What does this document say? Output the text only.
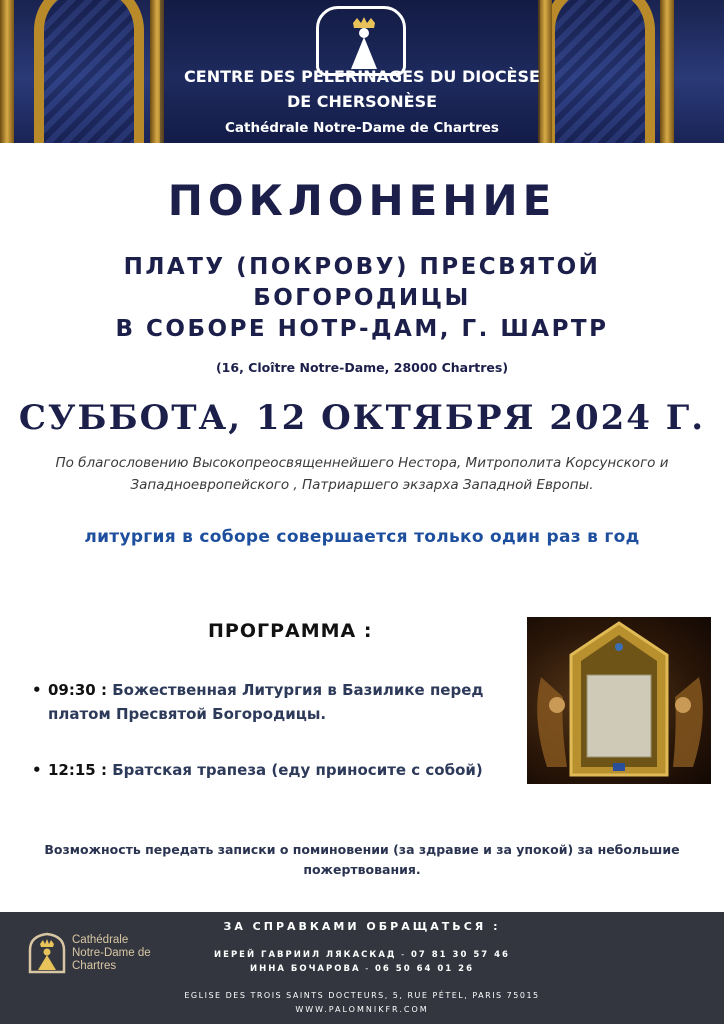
CENTRE DES PÈLERINAGES DU DIOCÈSE
DE CHERSONÈSE
Cathédrale Notre-Dame de Chartres
ПОКЛОНЕНИЕ
ПЛАТУ (ПОКРОВУ) ПРЕСВЯТОЙ
БОГОРОДИЦЫ
В СОБОРЕ НОТР-ДАМ, Г. ШАРТР
(16, Cloître Notre-Dame, 28000 Chartres)
СУББОТА, 12 ОКТЯБРЯ 2024 Г.
По благословению Высокопреосвященнейшего Нестора, Митрополита Корсунского и
Западноевропейского , Патриаршего экзарха Западной Европы.
литургия в соборе совершается только один раз в год
ПРОГРАММА :
• 09:30 : Божественная Литургия в Базилике перед платом Пресвятой Богородицы.
• 12:15 : Братская трапеза (еду приносите с собой)
Возможность передать записки о поминовении (за здравие и за упокой) за небольшие пожертвования.
Cathédrale
Notre-Dame de
Chartres
ЗА СПРАВКАМИ ОБРАЩАТЬСЯ :
ИЕРЕЙ ГАВРИИЛ ЛЯКАСКАД - 07 81 30 57 46
ИННА БОЧАРОВА - 06 50 64 01 26
EGLISE DES TROIS SAINTS DOCTEURS, 5, RUE PÉTEL, PARIS 75015
WWW.PALOMNIKFR.COM
